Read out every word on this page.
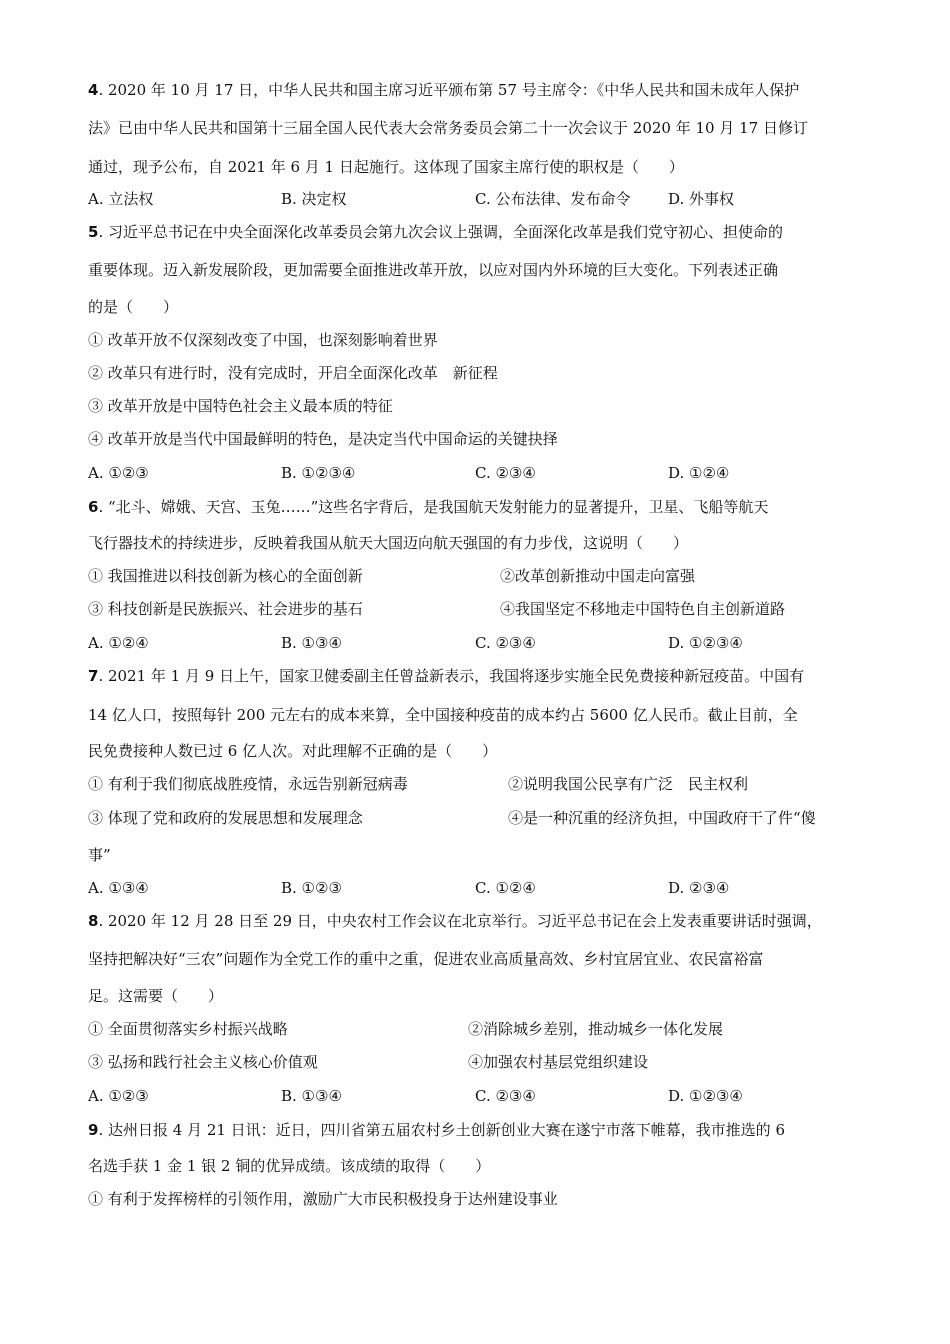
4. 2020 年 10 月 17 日，中华人民共和国主席习近平颁布第 57 号主席令：《中华人民共和国未成年人保护
法》已由中华人民共和国第十三届全国人民代表大会常务委员会第二十一次会议于 2020 年 10 月 17 日修订
通过，现予公布，自 2021 年 6 月 1 日起施行。这体现了国家主席行使的职权是（　　）
A. 立法权	B. 决定权	C. 公布法律、发布命令	D. 外事权
5. 习近平总书记在中央全面深化改革委员会第九次会议上强调，全面深化改革是我们党守初心、担使命的
重要体现。迈入新发展阶段，更加需要全面推进改革开放，以应对国内外环境的巨大变化。下列表述正确
的是（　　）
① 改革开放不仅深刻改变了中国，也深刻影响着世界
② 改革只有进行时，没有完成时，开启全面深化改革　新征程
③ 改革开放是中国特色社会主义最本质的特征
④ 改革开放是当代中国最鲜明的特色，是决定当代中国命运的关键抉择
A. ①②③	B. ①②③④	C. ②③④	D. ①②④
6. “北斗、嫦娥、天宫、玉兔……”这些名字背后，是我国航天发射能力的显著提升，卫星、飞船等航天
飞行器技术的持续进步，反映着我国从航天大国迈向航天强国的有力步伐，这说明（　　）
① 我国推进以科技创新为核心的全面创新	②改革创新推动中国走向富强
③ 科技创新是民族振兴、社会进步的基石	④我国坚定不移地走中国特色自主创新道路
A. ①②④	B. ①③④	C. ②③④	D. ①②③④
7. 2021 年 1 月 9 日上午，国家卫健委副主任曾益新表示，我国将逐步实施全民免费接种新冠疫苗。中国有
14 亿人口，按照每针 200 元左右的成本来算，全中国接种疫苗的成本约占 5600 亿人民币。截止目前，全
民免费接种人数已过 6 亿人次。对此理解不正确的是（　　）
① 有利于我们彻底战胜疫情，永远告别新冠病毒	②说明我国公民享有广泛　民主权利
③ 体现了党和政府的发展思想和发展理念	④是一种沉重的经济负担，中国政府干了件“傻
事”
A. ①③④	B. ①②③	C. ①②④	D. ②③④
8. 2020 年 12 月 28 日至 29 日，中央农村工作会议在北京举行。习近平总书记在会上发表重要讲话时强调，
坚持把解决好“三农”问题作为全党工作的重中之重，促进农业高质量高效、乡村宜居宜业、农民富裕富
足。这需要（　　）
① 全面贯彻落实乡村振兴战略	②消除城乡差别，推动城乡一体化发展
③ 弘扬和践行社会主义核心价值观	④加强农村基层党组织建设
A. ①②③	B. ①③④	C. ②③④	D. ①②③④
9. 达州日报 4 月 21 日讯：近日，四川省第五届农村乡土创新创业大赛在遂宁市落下帷幕，我市推选的 6
名选手获 1 金 1 银 2 铜的优异成绩。该成绩的取得（　　）
① 有利于发挥榜样的引领作用，激励广大市民积极投身于达州建设事业
